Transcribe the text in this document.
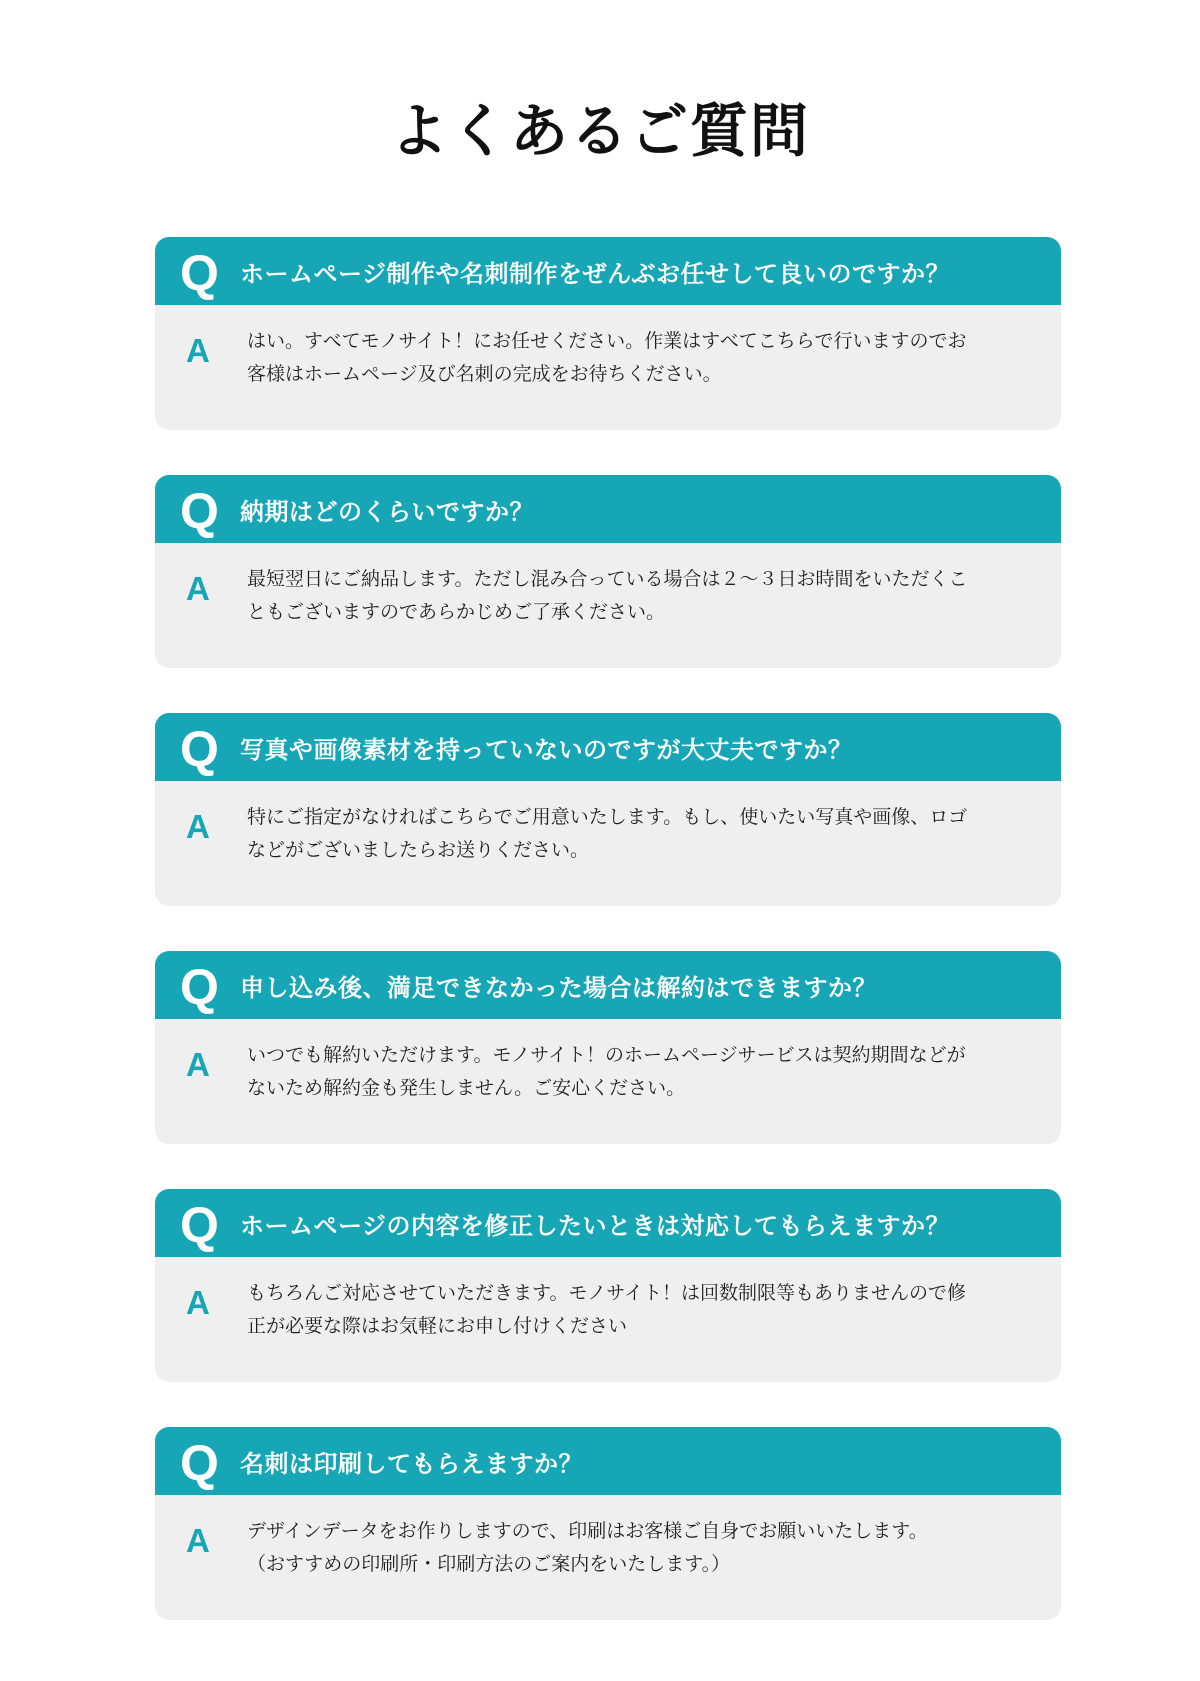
よくあるご質問
Q ホームページ制作や名刺制作をぜんぶお任せして良いのですか？
A はい。すべてモノサイト！にお任せください。作業はすべてこちらで行いますのでお
客様はホームページ及び名刺の完成をお待ちください。
Q 納期はどのくらいですか？
A 最短翌日にご納品します。ただし混み合っている場合は２〜３日お時間をいただくこ
ともございますのであらかじめご了承ください。
Q 写真や画像素材を持っていないのですが大丈夫ですか？
A 特にご指定がなければこちらでご用意いたします。もし、使いたい写真や画像、ロゴ
などがございましたらお送りください。
Q 申し込み後、満足できなかった場合は解約はできますか？
A いつでも解約いただけます。モノサイト！のホームページサービスは契約期間などが
ないため解約金も発生しません。ご安心ください。
Q ホームページの内容を修正したいときは対応してもらえますか？
A もちろんご対応させていただきます。モノサイト！は回数制限等もありませんので修
正が必要な際はお気軽にお申し付けください
Q 名刺は印刷してもらえますか？
A デザインデータをお作りしますので、印刷はお客様ご自身でお願いいたします。
（おすすめの印刷所・印刷方法のご案内をいたします。）
